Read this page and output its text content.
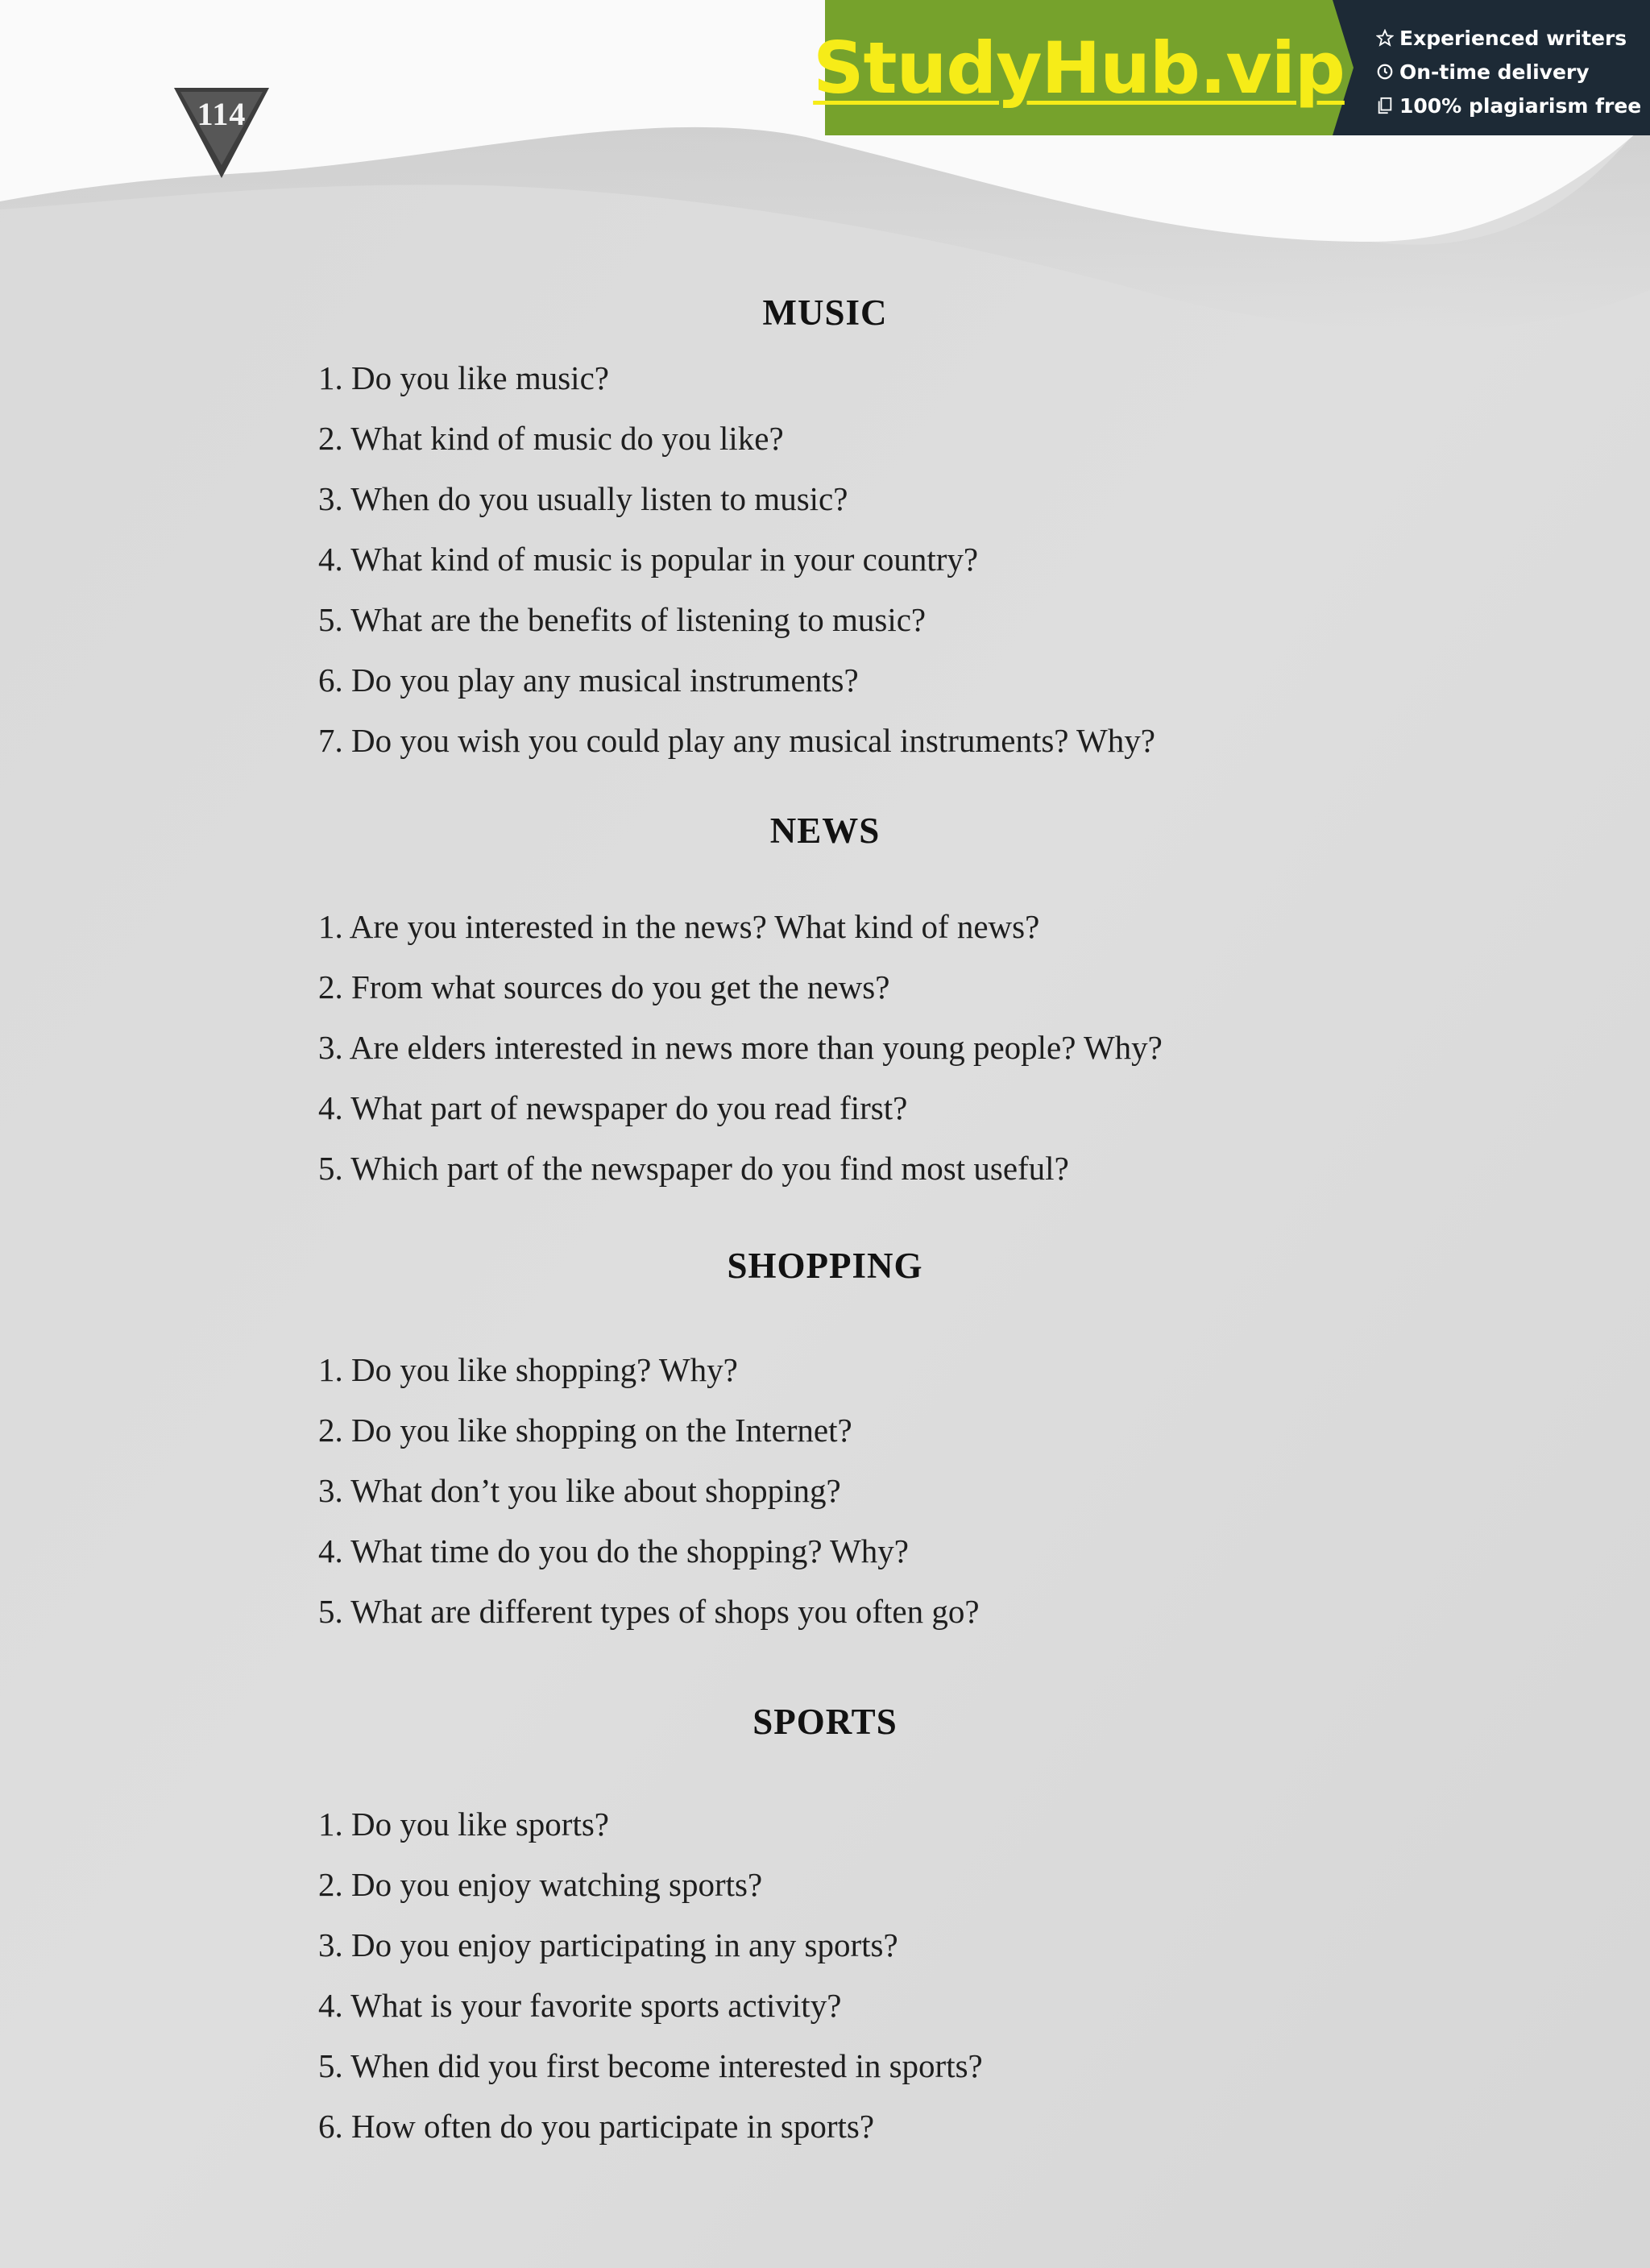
114
StudyHub.vip	Experienced writers
On-time delivery
100% plagiarism free
MUSIC
1. Do you like music?
2. What kind of music do you like?
3. When do you usually listen to music?
4. What kind of music is popular in your country?
5. What are the benefits of listening to music?
6. Do you play any musical instruments?
7. Do you wish you could play any musical instruments? Why?
NEWS
1. Are you interested in the news? What kind of news?
2. From what sources do you get the news?
3. Are elders interested in news more than young people? Why?
4. What part of newspaper do you read first?
5. Which part of the newspaper do you find most useful?
SHOPPING
1. Do you like shopping? Why?
2. Do you like shopping on the Internet?
3. What don’t you like about shopping?
4. What time do you do the shopping? Why?
5. What are different types of shops you often go?
SPORTS
1. Do you like sports?
2. Do you enjoy watching sports?
3. Do you enjoy participating in any sports?
4. What is your favorite sports activity?
5. When did you first become interested in sports?
6. How often do you participate in sports?
